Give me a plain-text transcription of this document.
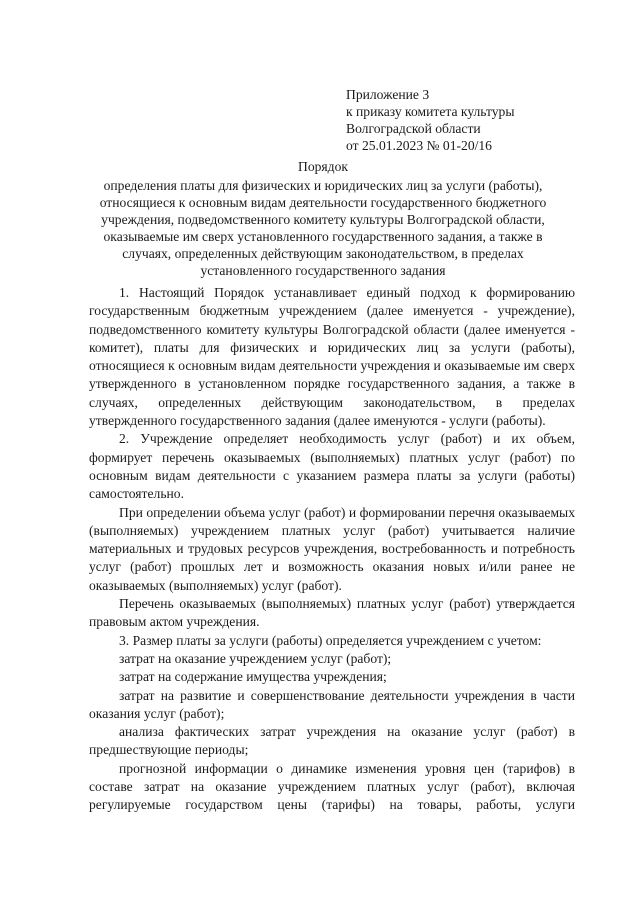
Приложение 3
к приказу комитета культуры
Волгоградской области
от 25.01.2023 № 01-20/16
Порядок
определения платы для физических и юридических лиц за услуги (работы), относящиеся к основным видам деятельности государственного бюджетного учреждения, подведомственного комитету культуры Волгоградской области, оказываемые им сверх установленного государственного задания, а также в случаях, определенных действующим законодательством, в пределах установленного государственного задания

1. Настоящий Порядок устанавливает единый подход к формированию государственным бюджетным учреждением (далее именуется - учреждение), подведомственного комитету культуры Волгоградской области (далее именуется - комитет), платы для физических и юридических лиц за услуги (работы), относящиеся к основным видам деятельности учреждения и оказываемые им сверх утвержденного в установленном порядке государственного задания, а также в случаях, определенных действующим законодательством, в пределах утвержденного государственного задания (далее именуются - услуги (работы).

2. Учреждение определяет необходимость услуг (работ) и их объем, формирует перечень оказываемых (выполняемых) платных услуг (работ) по основным видам деятельности с указанием размера платы за услуги (работы) самостоятельно.

При определении объема услуг (работ) и формировании перечня оказываемых (выполняемых) учреждением платных услуг (работ) учитывается наличие материальных и трудовых ресурсов учреждения, востребованность и потребность услуг (работ) прошлых лет и возможность оказания новых и/или ранее не оказываемых (выполняемых) услуг (работ).

Перечень оказываемых (выполняемых) платных услуг (работ) утверждается правовым актом учреждения.

3. Размер платы за услуги (работы) определяется учреждением с учетом:

затрат на оказание учреждением услуг (работ);

затрат на содержание имущества учреждения;

затрат на развитие и совершенствование деятельности учреждения в части оказания услуг (работ);

анализа фактических затрат учреждения на оказание услуг (работ) в предшествующие периоды;

прогнозной информации о динамике изменения уровня цен (тарифов) в составе затрат на оказание учреждением платных услуг (работ), включая регулируемые государством цены (тарифы) на товары, работы, услуги
